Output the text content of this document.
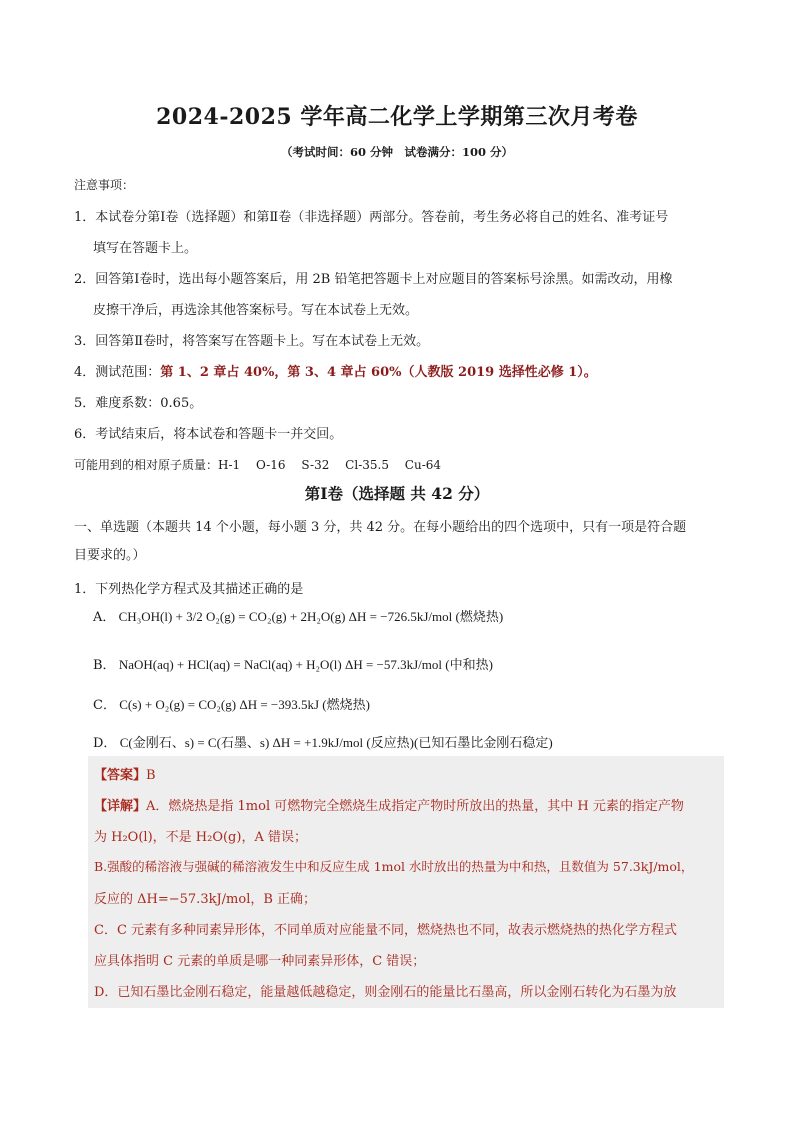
2024-2025 学年高二化学上学期第三次月考卷
（考试时间：60 分钟　试卷满分：100 分）
注意事项：
1．本试卷分第Ⅰ卷（选择题）和第Ⅱ卷（非选择题）两部分。答卷前，考生务必将自己的姓名、准考证号
填写在答题卡上。
2．回答第Ⅰ卷时，选出每小题答案后，用 2B 铅笔把答题卡上对应题目的答案标号涂黑。如需改动，用橡
皮擦干净后，再选涂其他答案标号。写在本试卷上无效。
3．回答第Ⅱ卷时，将答案写在答题卡上。写在本试卷上无效。
4．测试范围：第 1、2 章占 40%，第 3、4 章占 60%（人教版 2019 选择性必修 1）。
5．难度系数：0.65。
6．考试结束后，将本试卷和答题卡一并交回。
可能用到的相对原子质量：H-1　 O-16　 S-32　 Cl-35.5　 Cu-64
第Ⅰ卷（选择题 共 42 分）
一、单选题（本题共 14 个小题，每小题 3 分，共 42 分。在每小题给出的四个选项中，只有一项是符合题
目要求的。）
1．下列热化学方程式及其描述正确的是
A． CH₃OH(l) + 3/2 O₂(g) = CO₂(g) + 2H₂O(g) ΔH = −726.5kJ/mol (燃烧热)
B． NaOH(aq) + HCl(aq) = NaCl(aq) + H₂O(l) ΔH = −57.3kJ/mol (中和热)
C． C(s) + O₂(g) = CO₂(g) ΔH = −393.5kJ (燃烧热)
D． C(金刚石、s) = C(石墨、s) ΔH = +1.9kJ/mol (反应热)(已知石墨比金刚石稳定)
【答案】B
【详解】A．燃烧热是指 1mol 可燃物完全燃烧生成指定产物时所放出的热量，其中 H 元素的指定产物
为 H₂O(l)，不是 H₂O(g)，A 错误；
B.强酸的稀溶液与强碱的稀溶液发生中和反应生成 1mol 水时放出的热量为中和热，且数值为 57.3kJ/mol，
反应的 ΔH=−57.3kJ/mol，B 正确；
C．C 元素有多种同素异形体，不同单质对应能量不同，燃烧热也不同，故表示燃烧热的热化学方程式
应具体指明 C 元素的单质是哪一种同素异形体，C 错误；
D．已知石墨比金刚石稳定，能量越低越稳定，则金刚石的能量比石墨高，所以金刚石转化为石墨为放
